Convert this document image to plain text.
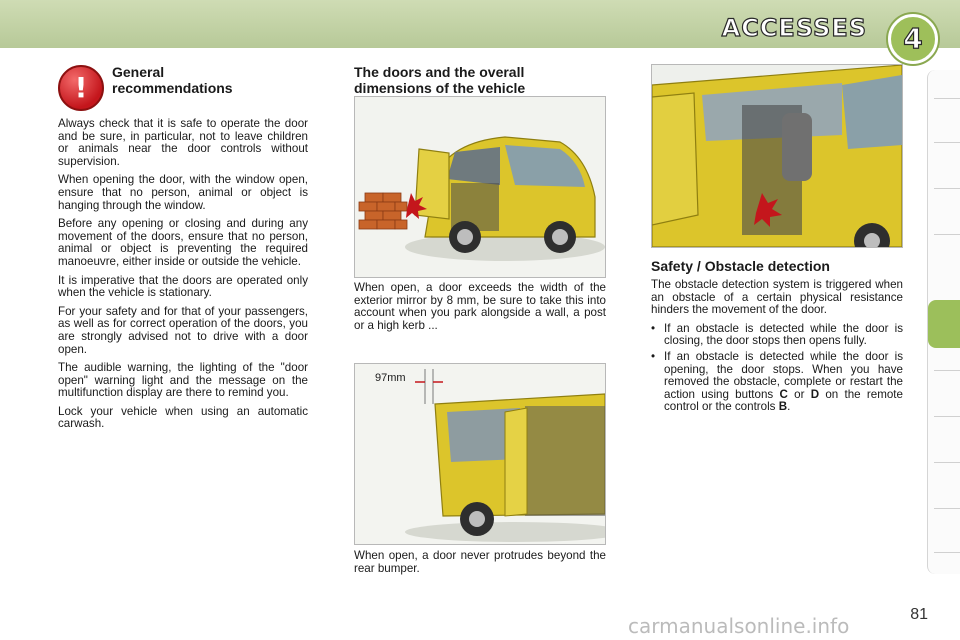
ACCESSES	4
!	General recommendations

Always check that it is safe to operate the door and be sure, in particular, not to leave children or animals near the door controls without supervision.

When opening the door, with the window open, ensure that no person, animal or object is hanging through the window.

Before any opening or closing and during any movement of the doors, ensure that no person, animal or object is preventing the required manoeuvre, either inside or outside the vehicle.

It is imperative that the doors are operated only when the vehicle is stationary.

For your safety and for that of your passengers, as well as for correct operation of the doors, you are strongly advised not to drive with a door open.

The audible warning, the lighting of the "door open" warning light and the message on the multifunction display are there to remind you.

Lock your vehicle when using an automatic carwash.

The doors and the overall dimensions of the vehicle

When open, a door exceeds the width of the exterior mirror by 8 mm, be sure to take this into account when you park alongside a wall, a post or a high kerb ...

97mm

When open, a door never protrudes beyond the rear bumper.

Safety / Obstacle detection

The obstacle detection system is triggered when an obstacle of a certain physical resistance hinders the movement of the door.

• If an obstacle is detected while the door is closing, the door stops then opens fully.
• If an obstacle is detected while the door is opening, the door stops. When you have removed the obstacle, complete or restart the action using buttons C or D on the remote control or the controls B.
81
carmanualsonline.info
